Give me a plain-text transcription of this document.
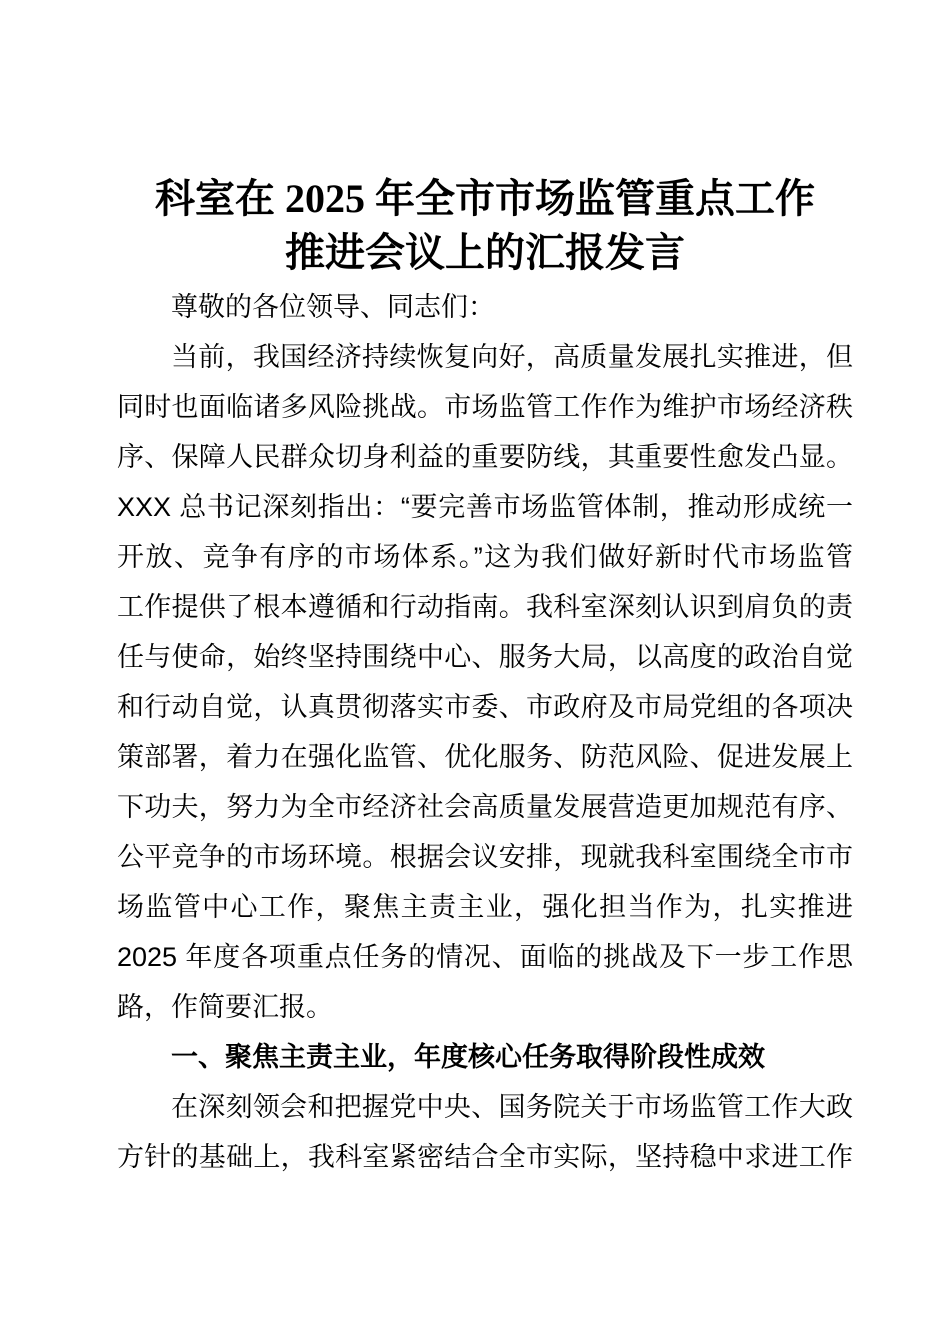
科室在 2025 年全市市场监管重点工作
推进会议上的汇报发言
尊敬的各位领导、同志们：
当前，我国经济持续恢复向好，高质量发展扎实推进，但
同时也面临诸多风险挑战。市场监管工作作为维护市场经济秩
序、保障人民群众切身利益的重要防线，其重要性愈发凸显。
XXX 总书记深刻指出：“要完善市场监管体制，推动形成统一
开放、竞争有序的市场体系。”这为我们做好新时代市场监管
工作提供了根本遵循和行动指南。我科室深刻认识到肩负的责
任与使命，始终坚持围绕中心、服务大局，以高度的政治自觉
和行动自觉，认真贯彻落实市委、市政府及市局党组的各项决
策部署，着力在强化监管、优化服务、防范风险、促进发展上
下功夫，努力为全市经济社会高质量发展营造更加规范有序、
公平竞争的市场环境。根据会议安排，现就我科室围绕全市市
场监管中心工作，聚焦主责主业，强化担当作为，扎实推进
2025 年度各项重点任务的情况、面临的挑战及下一步工作思
路，作简要汇报。
一、聚焦主责主业，年度核心任务取得阶段性成效
在深刻领会和把握党中央、国务院关于市场监管工作大政
方针的基础上，我科室紧密结合全市实际，坚持稳中求进工作
